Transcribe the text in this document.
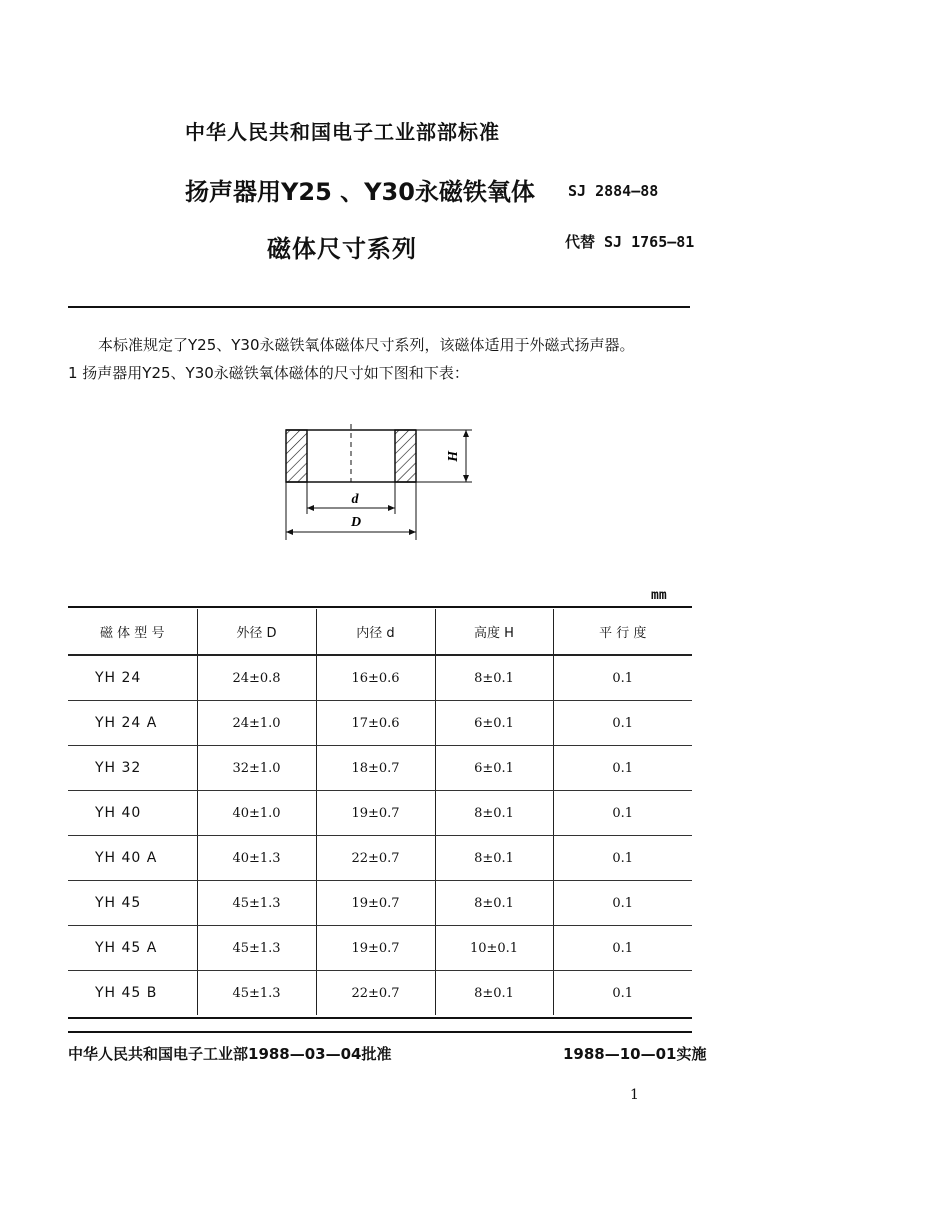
中华人民共和国电子工业部部标准
扬声器用Y25 、Y30永磁铁氧体
磁体尺寸系列
SJ 2884—88
代替 SJ 1765—81
本标准规定了Y25、Y30永磁铁氧体磁体尺寸系列，该磁体适用于外磁式扬声器。
1 扬声器用Y25、Y30永磁铁氧体磁体的尺寸如下图和下表：
H
d
D
mm
磁 体 型 号	外径 D	内径 d	高度 H	平 行 度
YH 24	24±0.8	16±0.6	8±0.1	0.1
YH 24 A	24±1.0	17±0.6	6±0.1	0.1
YH 32	32±1.0	18±0.7	6±0.1	0.1
YH 40	40±1.0	19±0.7	8±0.1	0.1
YH 40 A	40±1.3	22±0.7	8±0.1	0.1
YH 45	45±1.3	19±0.7	8±0.1	0.1
YH 45 A	45±1.3	19±0.7	10±0.1	0.1
YH 45 B	45±1.3	22±0.7	8±0.1	0.1
中华人民共和国电子工业部1988—03—04批准	1988—10—01实施
1
